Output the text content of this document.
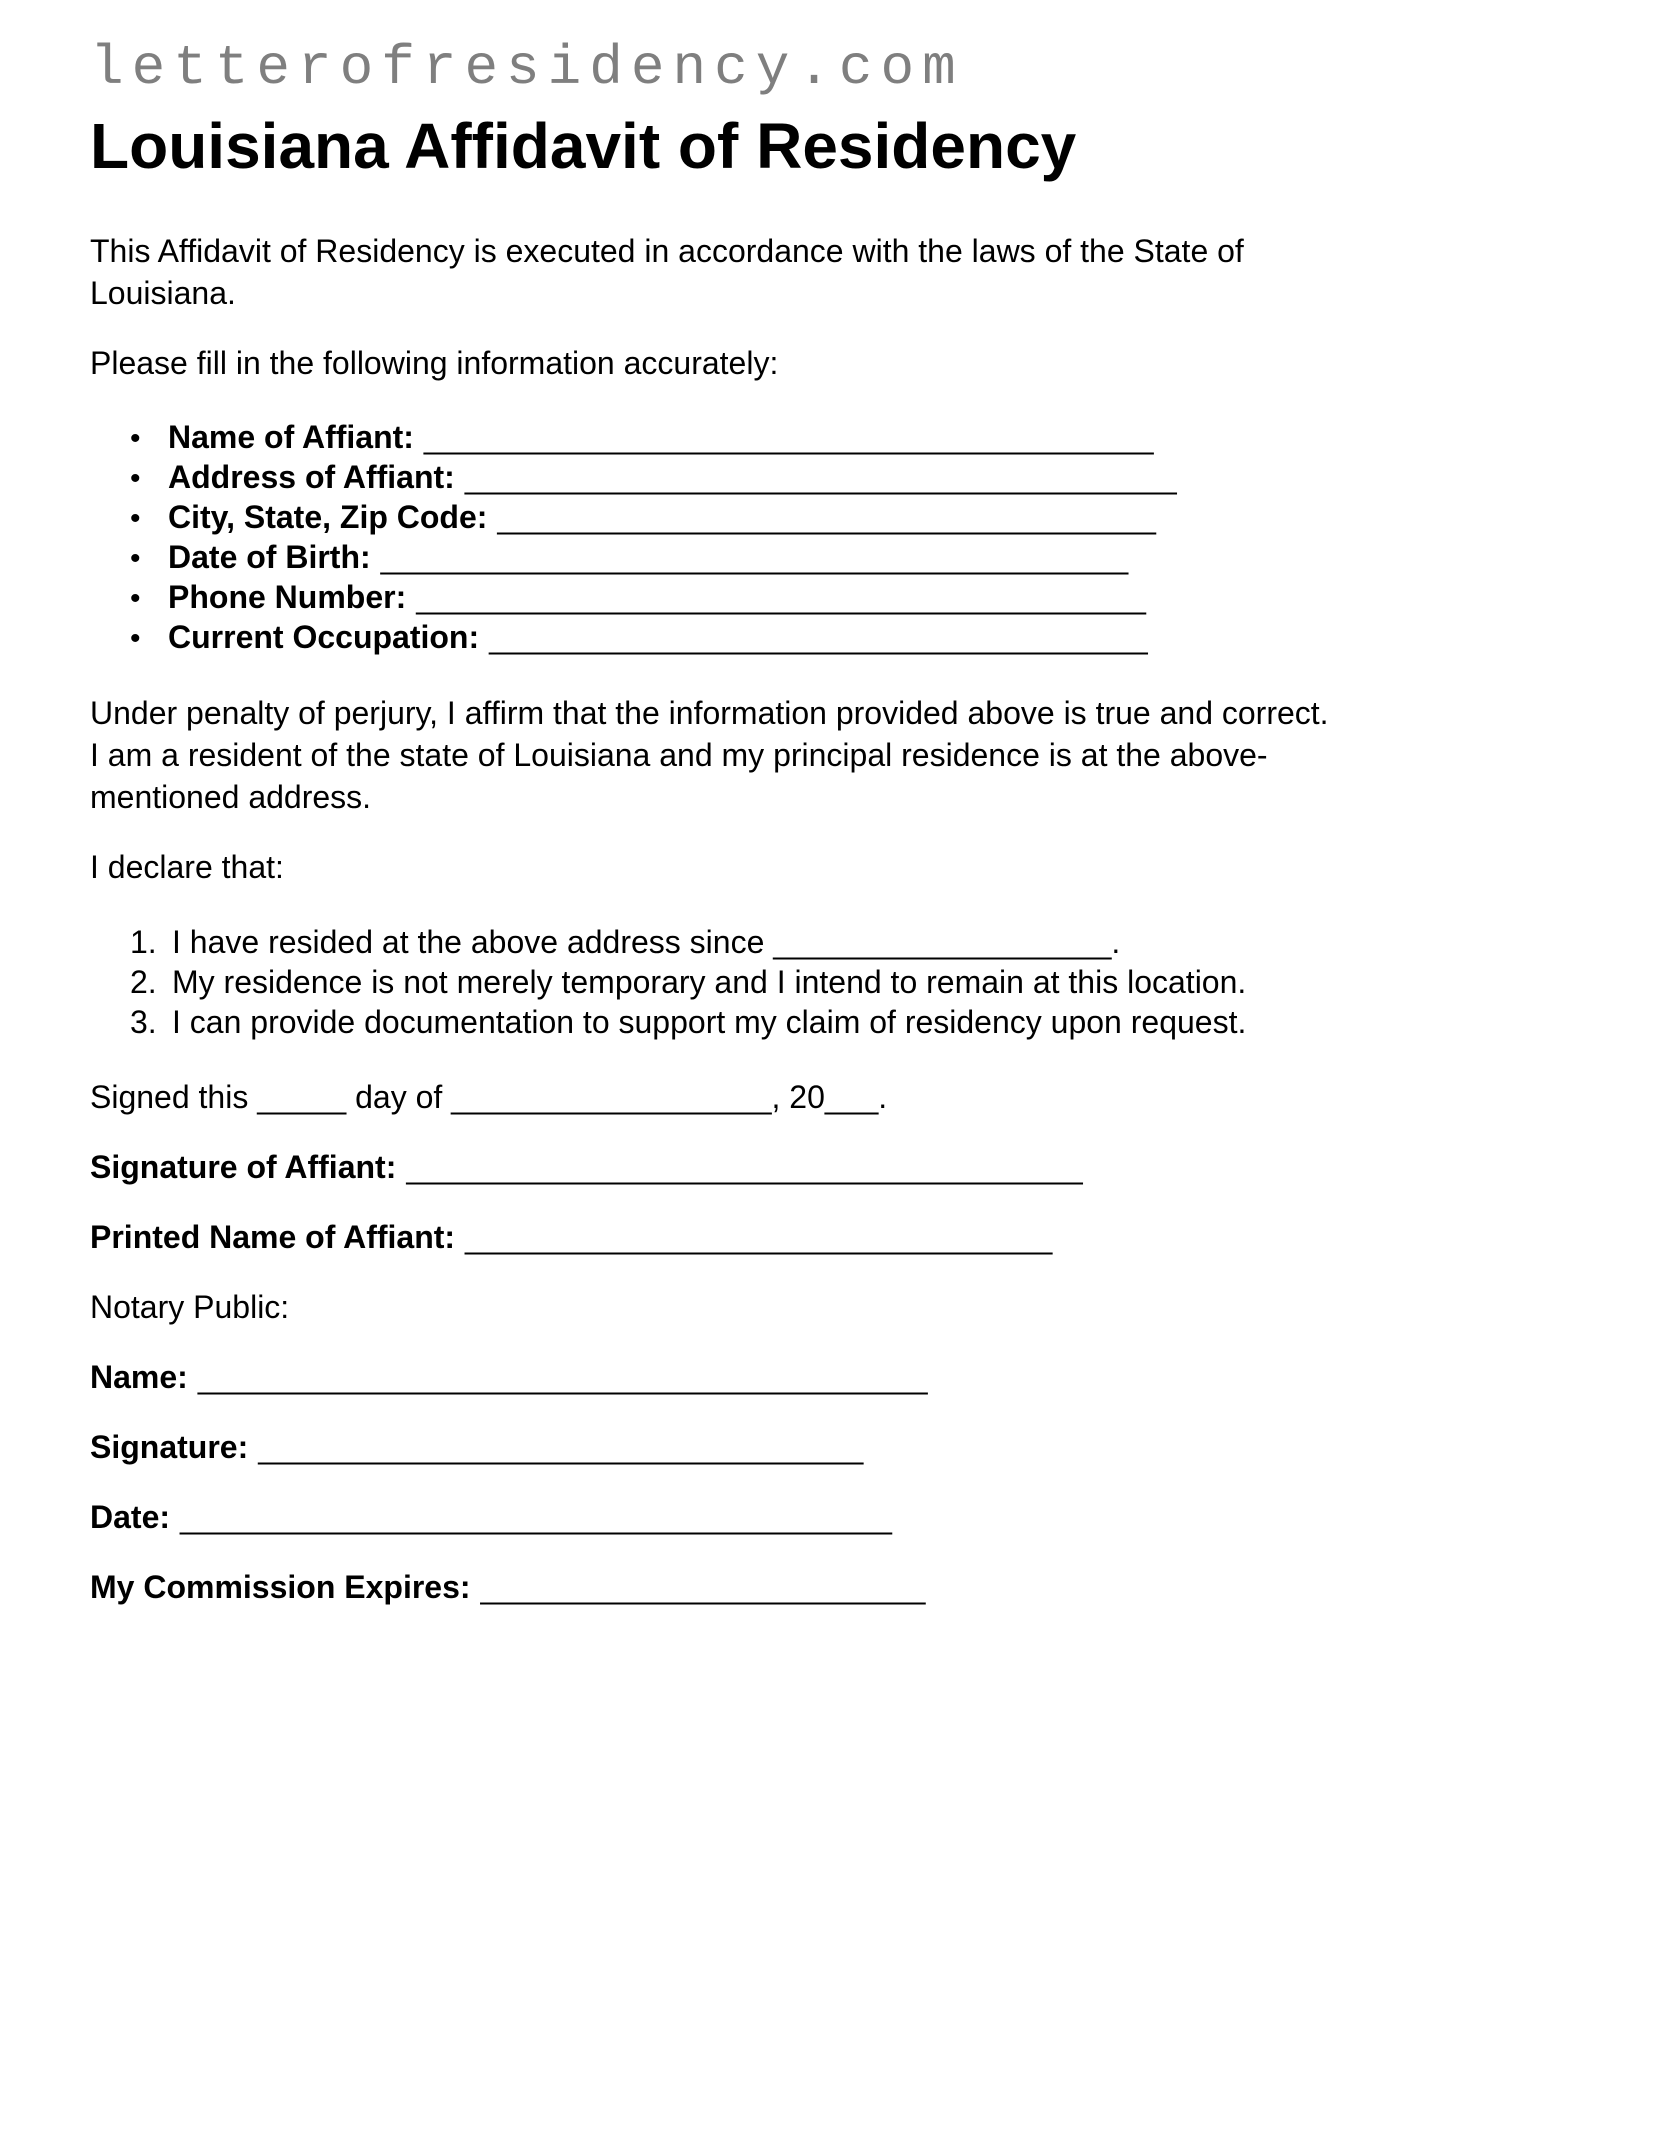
letterofresidency.com
Louisiana Affidavit of Residency

This Affidavit of Residency is executed in accordance with the laws of the State of
Louisiana.

Please fill in the following information accurately:

• Name of Affiant: _________________________________________
• Address of Affiant: ________________________________________
• City, State, Zip Code: _____________________________________
• Date of Birth: __________________________________________
• Phone Number: _________________________________________
• Current Occupation: _____________________________________

Under penalty of perjury, I affirm that the information provided above is true and correct.
I am a resident of the state of Louisiana and my principal residence is at the above-
mentioned address.

I declare that:

1. I have resided at the above address since ___________________.
2. My residence is not merely temporary and I intend to remain at this location.
3. I can provide documentation to support my claim of residency upon request.

Signed this _____ day of __________________, 20___.

Signature of Affiant: ______________________________________

Printed Name of Affiant: _________________________________

Notary Public:

Name: _________________________________________

Signature: __________________________________

Date: ________________________________________

My Commission Expires: _________________________
